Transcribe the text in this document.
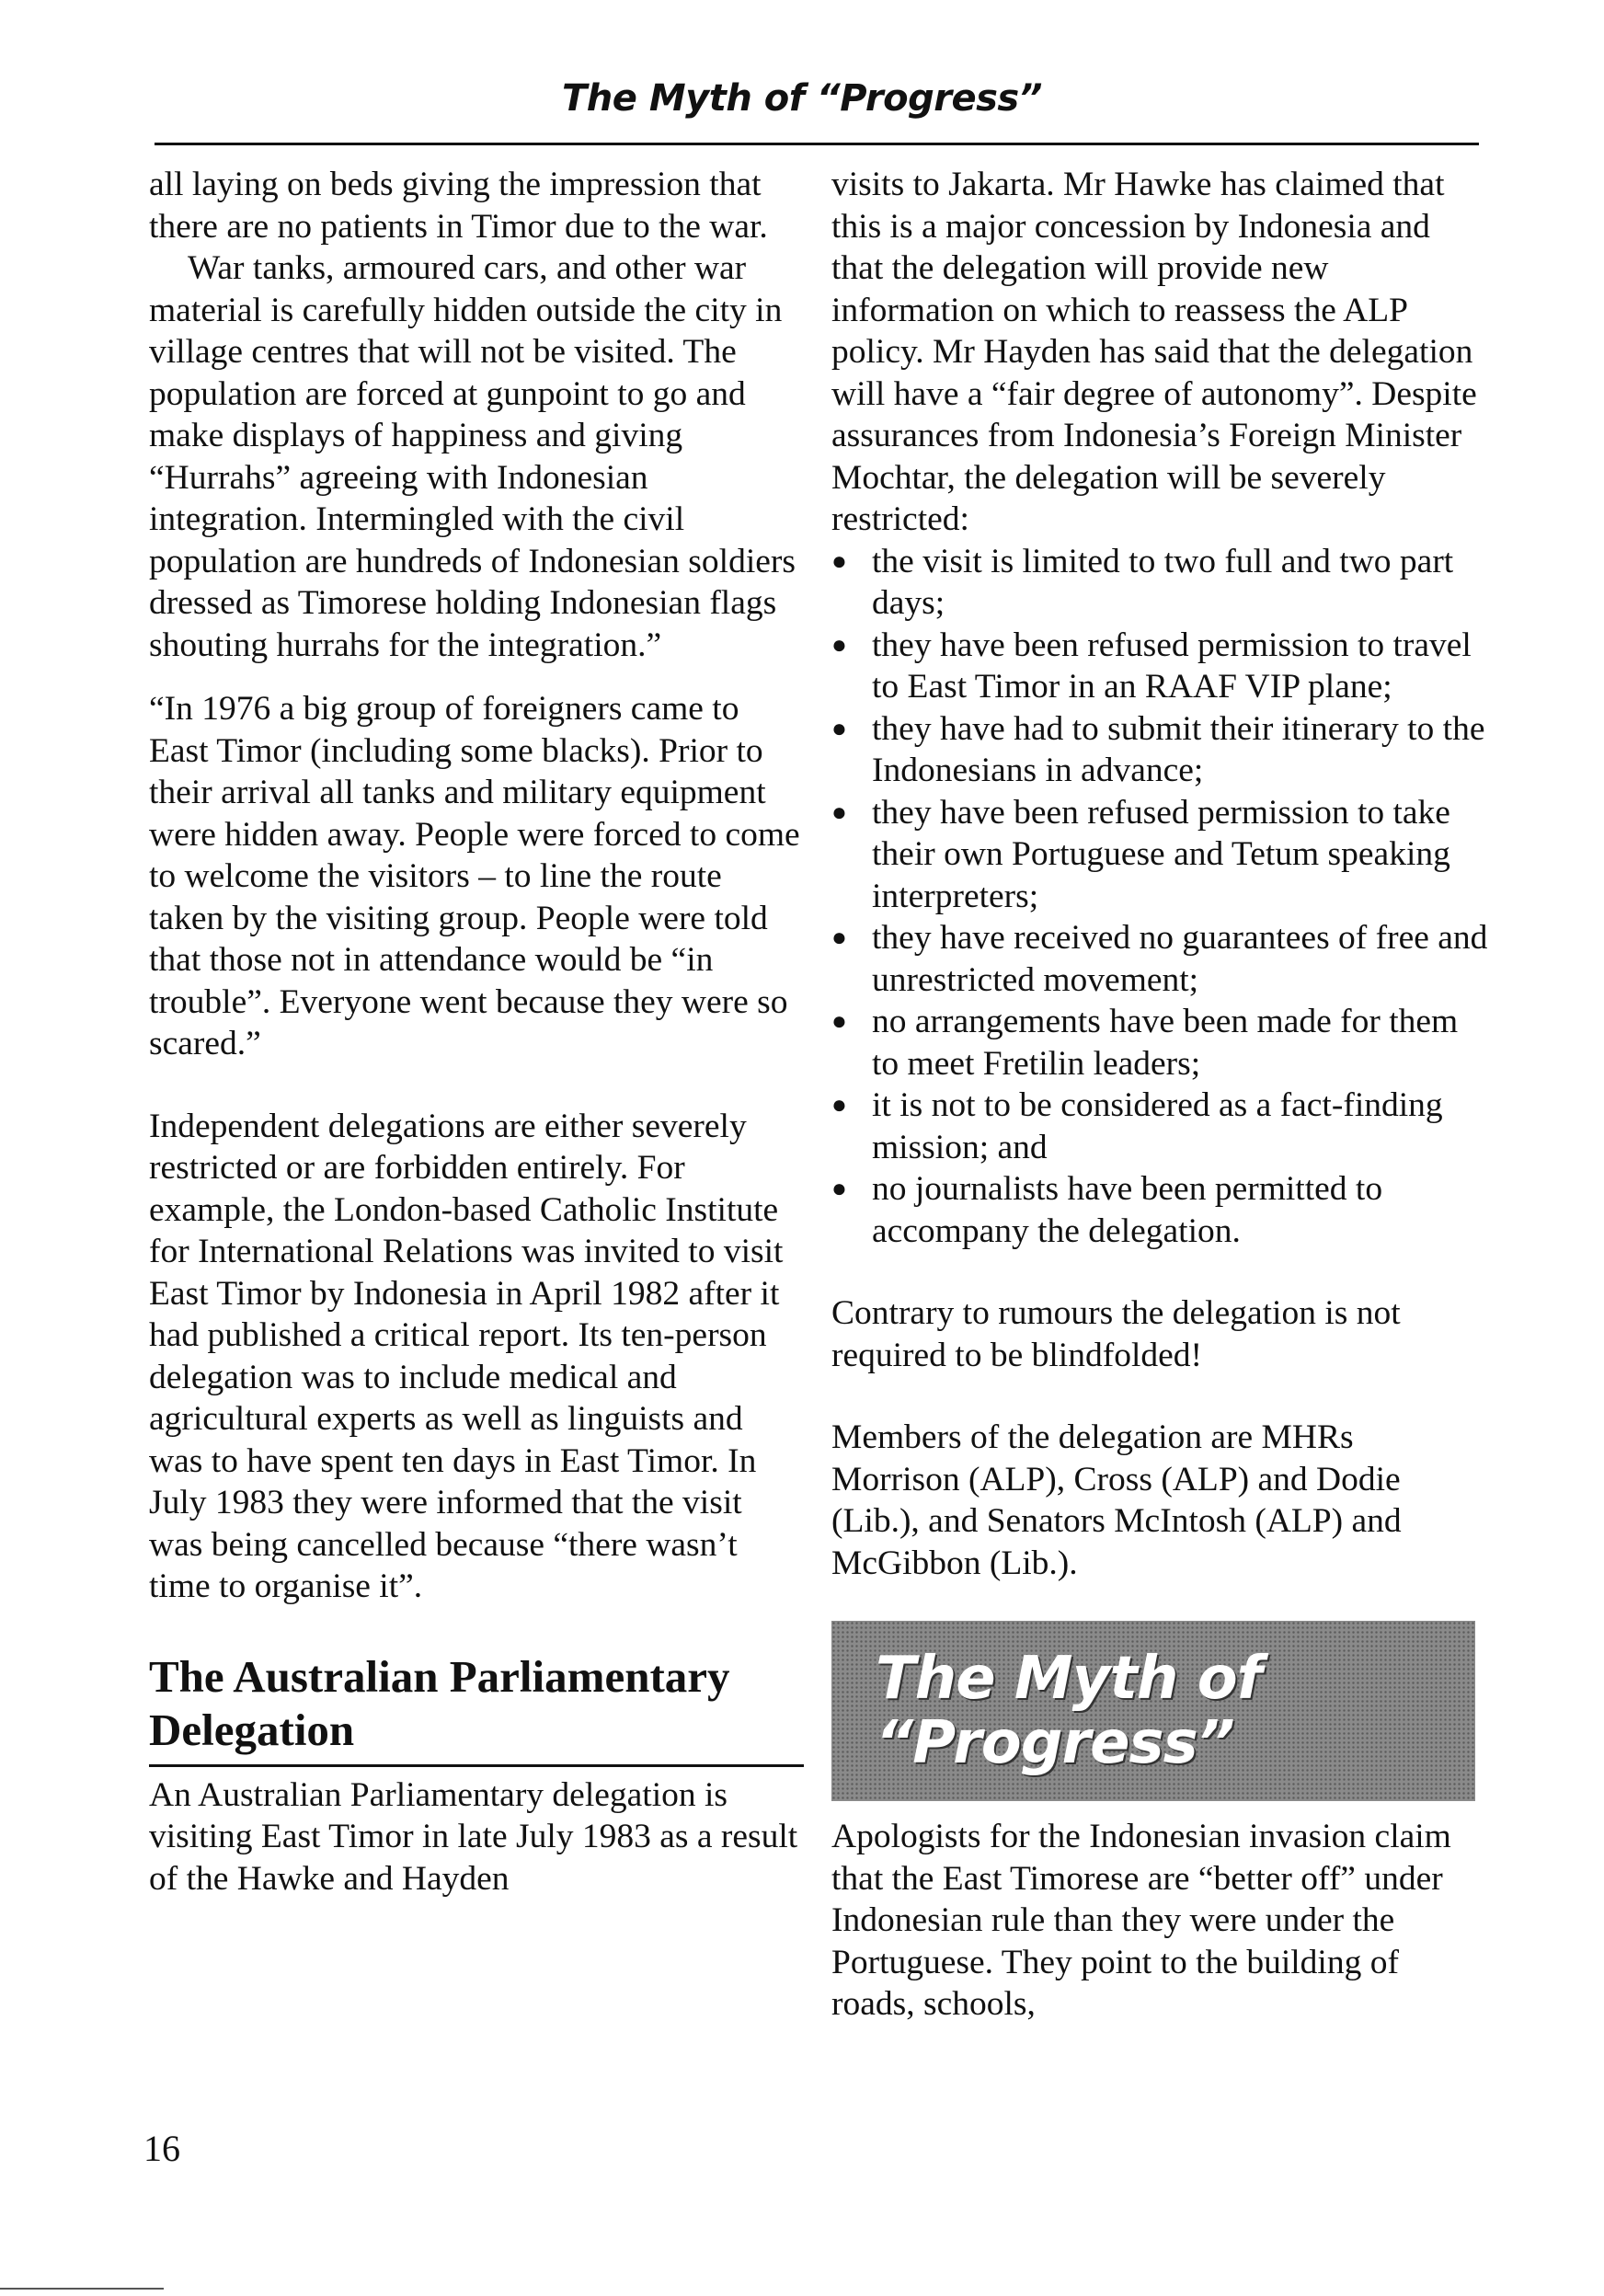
The Myth of “Progress”

all laying on beds giving the impression that there are no patients in Timor due to the war.

War tanks, armoured cars, and other war material is carefully hidden outside the city in village centres that will not be visited. The population are forced at gunpoint to go and make displays of happiness and giving “Hurrahs” agreeing with Indonesian integration. Intermingled with the civil population are hundreds of Indonesian soldiers dressed as Timorese holding Indonesian flags shouting hurrahs for the integration.”

“In 1976 a big group of foreigners came to East Timor (including some blacks). Prior to their arrival all tanks and military equipment were hidden away. People were forced to come to welcome the visitors – to line the route taken by the visiting group. People were told that those not in attendance would be “in trouble”. Everyone went because they were so scared.”

Independent delegations are either severely restricted or are forbidden entirely. For example, the London-based Catholic Institute for International Relations was invited to visit East Timor by Indonesia in April 1982 after it had published a critical report. Its ten-person delegation was to include medical and agricultural experts as well as linguists and was to have spent ten days in East Timor. In July 1983 they were informed that the visit was being cancelled because “there wasn’t time to organise it”.

The Australian Parliamentary Delegation

An Australian Parliamentary delegation is visiting East Timor in late July 1983 as a result of the Hawke and Hayden

visits to Jakarta. Mr Hawke has claimed that this is a major concession by Indonesia and that the delegation will provide new information on which to reassess the ALP policy. Mr Hayden has said that the delegation will have a “fair degree of autonomy”. Despite assurances from Indonesia’s Foreign Minister Mochtar, the delegation will be severely restricted:

● the visit is limited to two full and two part days;
● they have been refused permission to travel to East Timor in an RAAF VIP plane;
● they have had to submit their itinerary to the Indonesians in advance;
● they have been refused permission to take their own Portuguese and Tetum speaking interpreters;
● they have received no guarantees of free and unrestricted movement;
● no arrangements have been made for them to meet Fretilin leaders;
● it is not to be considered as a fact-finding mission; and
● no journalists have been permitted to accompany the delegation.

Contrary to rumours the delegation is not required to be blindfolded!

Members of the delegation are MHRs Morrison (ALP), Cross (ALP) and Dodie (Lib.), and Senators McIntosh (ALP) and McGibbon (Lib.).

The Myth of
“Progress”

Apologists for the Indonesian invasion claim that the East Timorese are “better off” under Indonesian rule than they were under the Portuguese. They point to the building of roads, schools,

16
